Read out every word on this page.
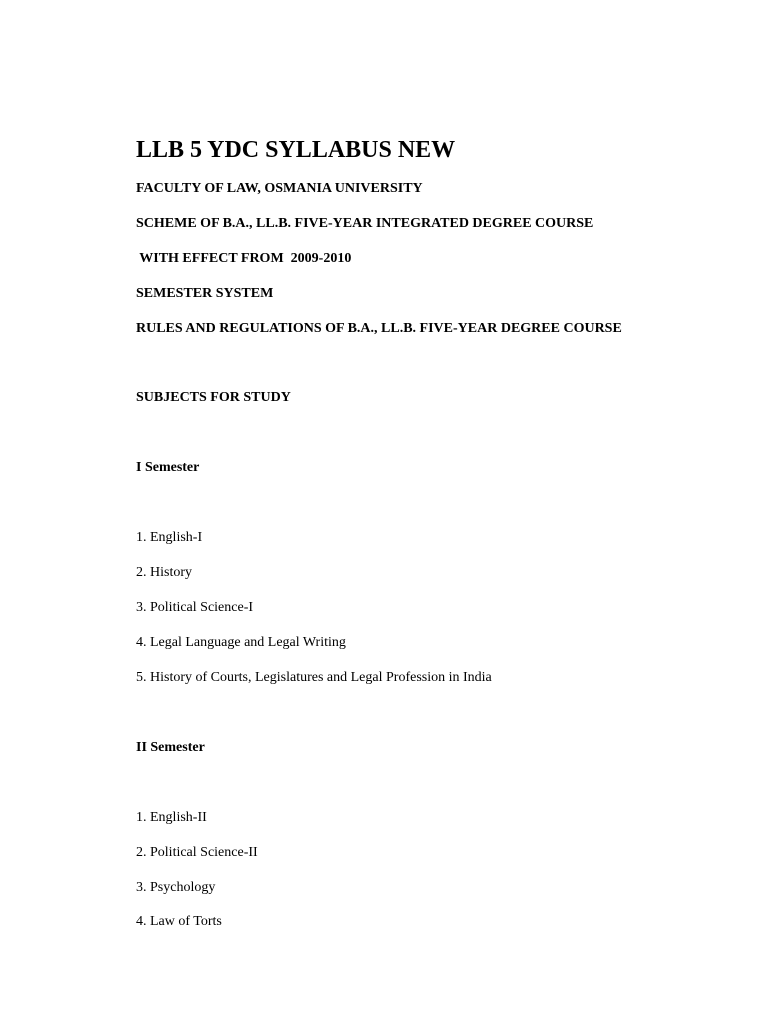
LLB 5 YDC SYLLABUS NEW
FACULTY OF LAW, OSMANIA UNIVERSITY
SCHEME OF B.A., LL.B. FIVE-YEAR INTEGRATED DEGREE COURSE
WITH EFFECT FROM  2009-2010
SEMESTER SYSTEM
RULES AND REGULATIONS OF B.A., LL.B. FIVE-YEAR DEGREE COURSE
SUBJECTS FOR STUDY
I Semester
1. English-I
2. History
3. Political Science-I
4. Legal Language and Legal Writing
5. History of Courts, Legislatures and Legal Profession in India
II Semester
1. English-II
2. Political Science-II
3. Psychology
4. Law of Torts
